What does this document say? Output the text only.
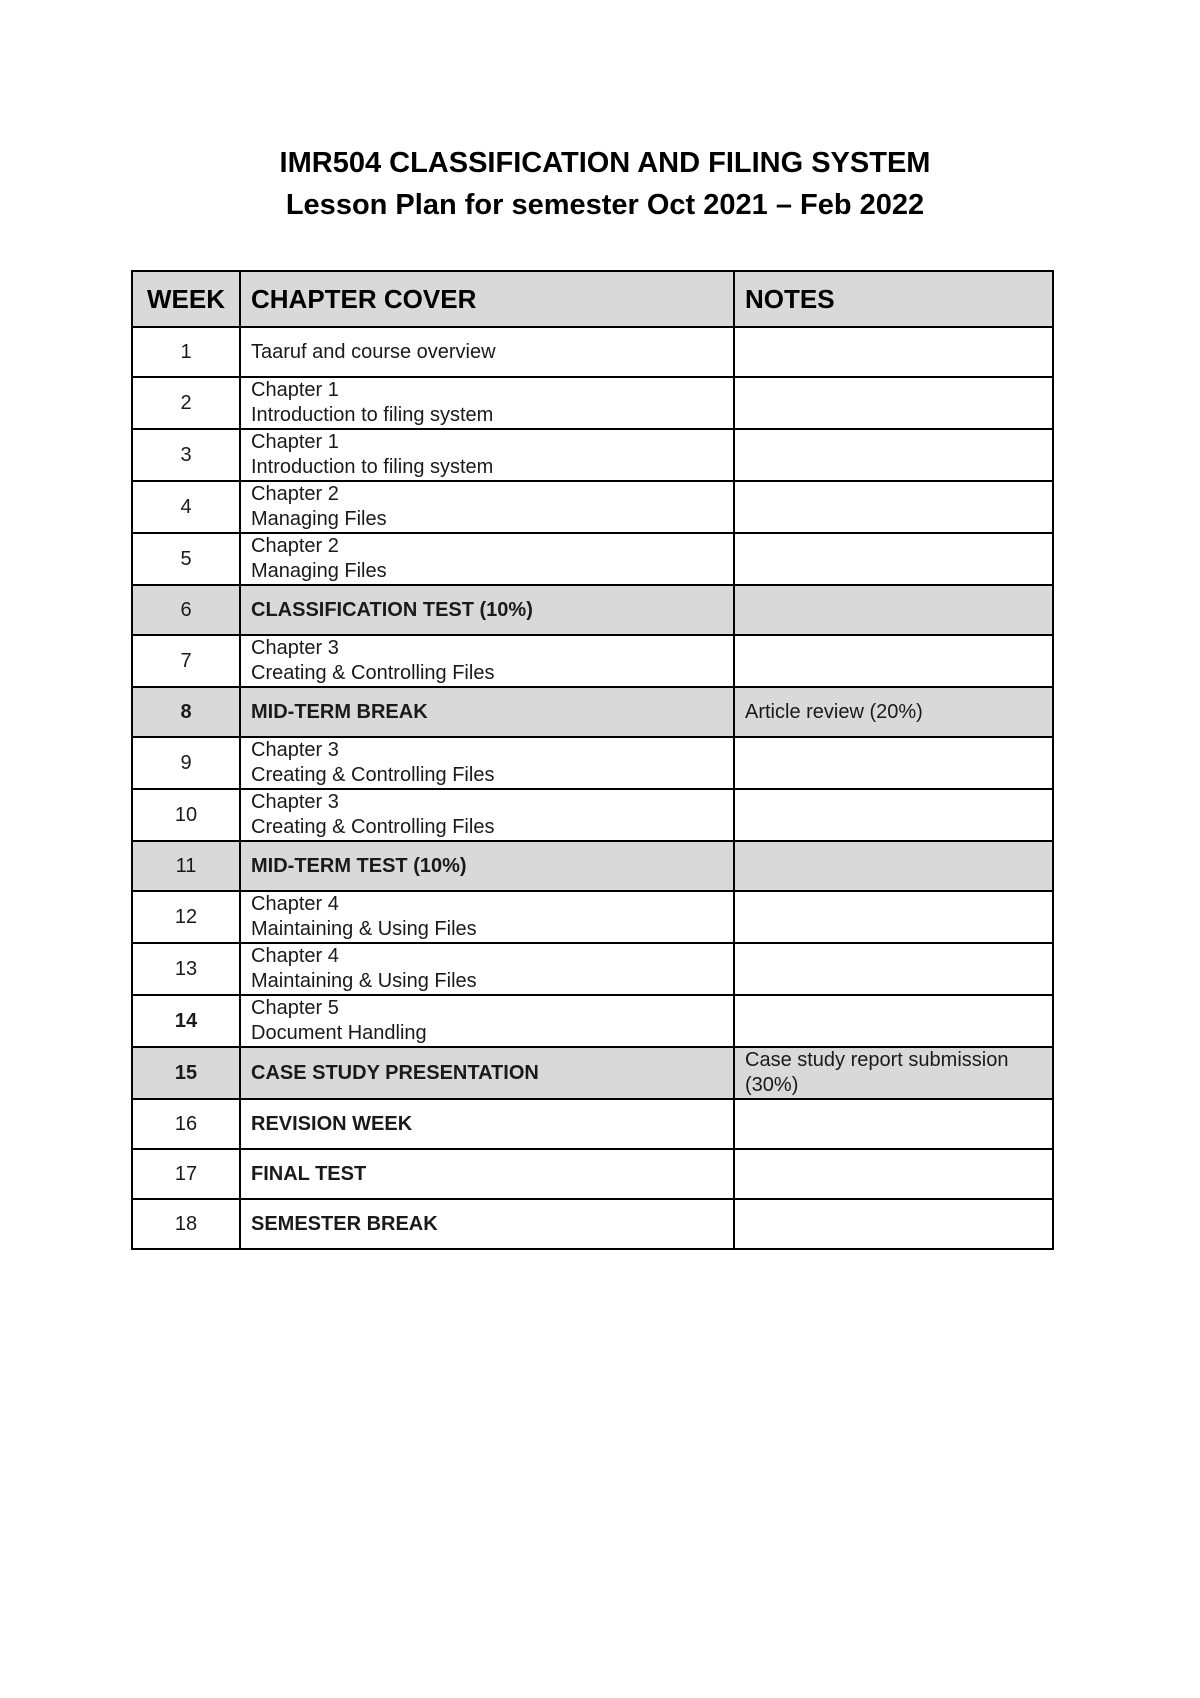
IMR504 CLASSIFICATION AND FILING SYSTEM
Lesson Plan for semester Oct 2021 – Feb 2022
WEEK	CHAPTER COVER	NOTES
1	Taaruf and course overview	

2	Chapter 1
Introduction to filing system	

3	Chapter 1
Introduction to filing system	

4	Chapter 2
Managing Files	

5	Chapter 2
Managing Files	

6	CLASSIFICATION TEST (10%)	

7	Chapter 3
Creating & Controlling Files	

8	MID-TERM BREAK	Article review (20%)
9	Chapter 3
Creating & Controlling Files	

10	Chapter 3
Creating & Controlling Files	

11	MID-TERM TEST (10%)	

12	Chapter 4
Maintaining & Using Files	

13	Chapter 4
Maintaining & Using Files	

14	Chapter 5
Document Handling	

15	CASE STUDY PRESENTATION	Case study report submission (30%)
16	REVISION WEEK	

17	FINAL TEST	

18	SEMESTER BREAK	
